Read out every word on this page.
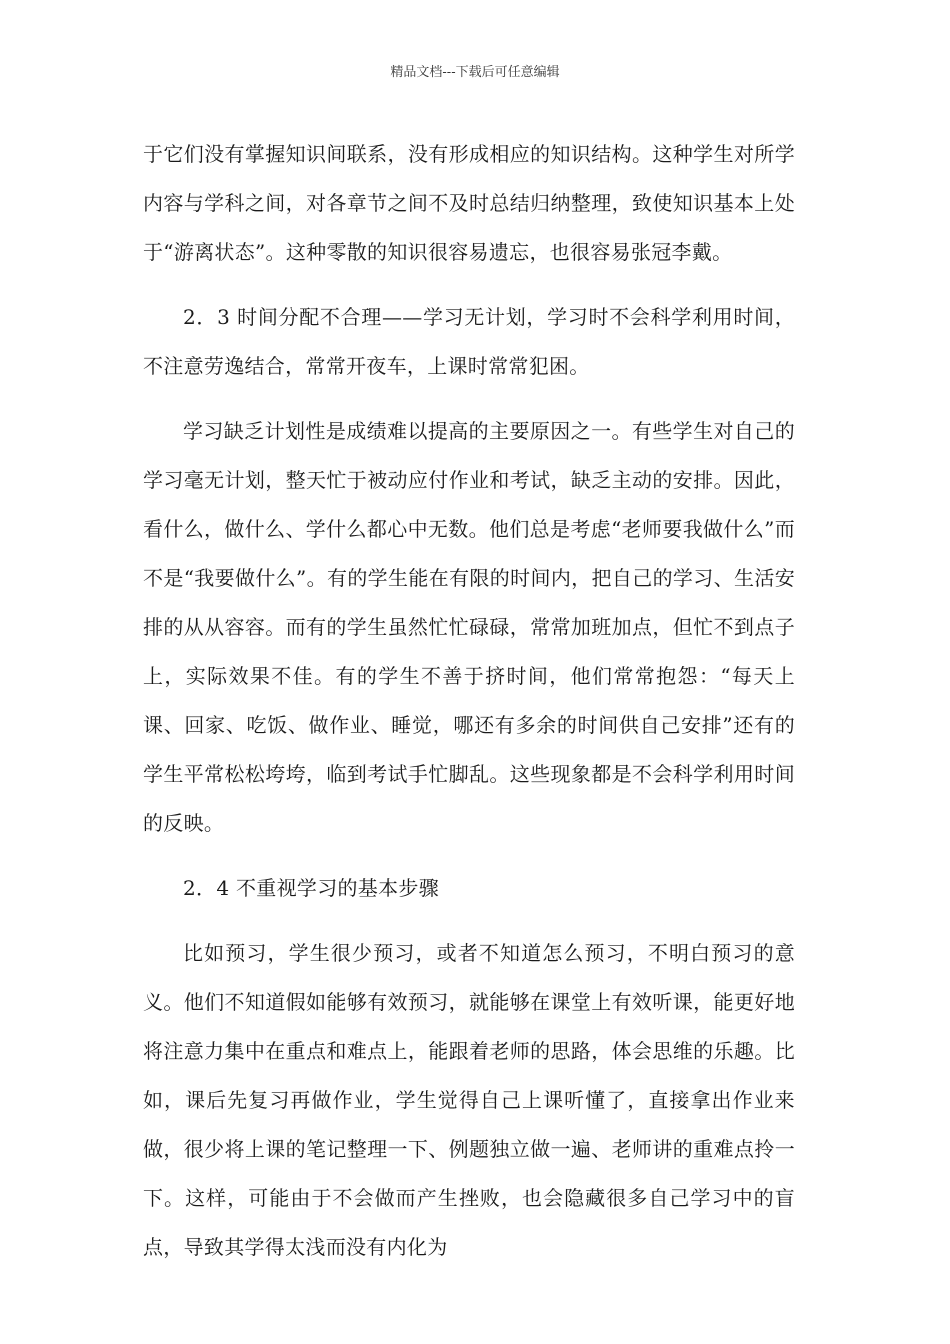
精品文档---下载后可任意编辑

于它们没有掌握知识间联系，没有形成相应的知识结构。这种学生对所学内容与学科之间，对各章节之间不及时总结归纳整理，致使知识基本上处于“游离状态”。这种零散的知识很容易遗忘，也很容易张冠李戴。

2．3 时间分配不合理——学习无计划，学习时不会科学利用时间，不注意劳逸结合，常常开夜车，上课时常常犯困。

学习缺乏计划性是成绩难以提高的主要原因之一。有些学生对自己的学习毫无计划，整天忙于被动应付作业和考试，缺乏主动的安排。因此，看什么，做什么、学什么都心中无数。他们总是考虑“老师要我做什么”而不是“我要做什么”。有的学生能在有限的时间内，把自己的学习、生活安排的从从容容。而有的学生虽然忙忙碌碌，常常加班加点，但忙不到点子上，实际效果不佳。有的学生不善于挤时间，他们常常抱怨：“每天上课、回家、吃饭、做作业、睡觉，哪还有多余的时间供自己安排”还有的学生平常松松垮垮，临到考试手忙脚乱。这些现象都是不会科学利用时间的反映。

2．4 不重视学习的基本步骤

比如预习，学生很少预习，或者不知道怎么预习，不明白预习的意义。他们不知道假如能够有效预习，就能够在课堂上有效听课，能更好地将注意力集中在重点和难点上，能跟着老师的思路，体会思维的乐趣。比如，课后先复习再做作业，学生觉得自己上课听懂了，直接拿出作业来做，很少将上课的笔记整理一下、例题独立做一遍、老师讲的重难点拎一下。这样，可能由于不会做而产生挫败，也会隐藏很多自己学习中的盲点，导致其学得太浅而没有内化为
